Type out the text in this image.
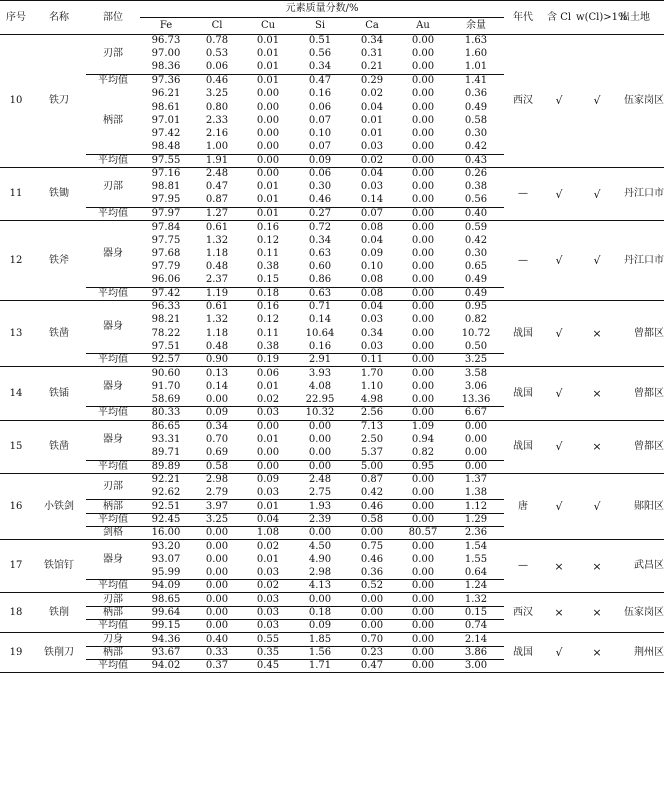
序号	名称	部位	元素质量分数/%							年代	含 Cl	w(Cl)>1%	出土地
			Fe	Cl	Cu	Si	Ca	Au	余量				
10	铁刀	刃部	96.73	0.78	0.01	0.51	0.34	0.00	1.63	西汉	√	√	伍家岗区
			97.00	0.53	0.01	0.56	0.31	0.00	1.60				
			98.36	0.06	0.01	0.34	0.21	0.00	1.01				
		平均值	97.36	0.46	0.01	0.47	0.29	0.00	1.41				
		柄部	96.21	3.25	0.00	0.16	0.02	0.00	0.36				
			98.61	0.80	0.00	0.06	0.04	0.00	0.49				
			97.01	2.33	0.00	0.07	0.01	0.00	0.58				
			97.42	2.16	0.00	0.10	0.01	0.00	0.30				
			98.48	1.00	0.00	0.07	0.03	0.00	0.42				
		平均值	97.55	1.91	0.00	0.09	0.02	0.00	0.43				
11	铁锄	刃部	97.16	2.48	0.00	0.06	0.04	0.00	0.26	—	√	√	丹江口市
			98.81	0.47	0.01	0.30	0.03	0.00	0.38				
			97.95	0.87	0.01	0.46	0.14	0.00	0.56				
		平均值	97.97	1.27	0.01	0.27	0.07	0.00	0.40				
12	铁斧	器身	97.84	0.61	0.16	0.72	0.08	0.00	0.59	—	√	√	丹江口市
			97.75	1.32	0.12	0.34	0.04	0.00	0.42				
			97.68	1.18	0.11	0.63	0.09	0.00	0.30				
			97.79	0.48	0.38	0.60	0.10	0.00	0.65				
			96.06	2.37	0.15	0.86	0.08	0.00	0.49				
		平均值	97.42	1.19	0.18	0.63	0.08	0.00	0.49				
13	铁凿	器身	96.33	0.61	0.16	0.71	0.04	0.00	0.95	战国	√	×	曾都区
			98.21	1.32	0.12	0.14	0.03	0.00	0.82				
			78.22	1.18	0.11	10.64	0.34	0.00	10.72				
			97.51	0.48	0.38	0.16	0.03	0.00	0.50				
		平均值	92.57	0.90	0.19	2.91	0.11	0.00	3.25				
14	铁锸	器身	90.60	0.13	0.06	3.93	1.70	0.00	3.58	战国	√	×	曾都区
			91.70	0.14	0.01	4.08	1.10	0.00	3.06				
			58.69	0.00	0.02	22.95	4.98	0.00	13.36				
		平均值	80.33	0.09	0.03	10.32	2.56	0.00	6.67				
15	铁凿	器身	86.65	0.34	0.00	0.00	7.13	1.09	0.00	战国	√	×	曾都区
			93.31	0.70	0.01	0.00	2.50	0.94	0.00				
			89.71	0.69	0.00	0.00	5.37	0.82	0.00				
		平均值	89.89	0.58	0.00	0.00	5.00	0.95	0.00				
16	小铁剑	刃部	92.21	2.98	0.09	2.48	0.87	0.00	1.37	唐	√	√	郧阳区
			92.62	2.79	0.03	2.75	0.42	0.00	1.38				
		柄部	92.51	3.97	0.01	1.93	0.46	0.00	1.12				
		平均值	92.45	3.25	0.04	2.39	0.58	0.00	1.29				
		剑格	16.00	0.00	1.08	0.00	0.00	80.57	2.36				
17	铁馆钉	器身	93.20	0.00	0.02	4.50	0.75	0.00	1.54	—	×	×	武昌区
			93.07	0.00	0.01	4.90	0.46	0.00	1.55				
			95.99	0.00	0.03	2.98	0.36	0.00	0.64				
		平均值	94.09	0.00	0.02	4.13	0.52	0.00	1.24				
18	铁削	刃部	98.65	0.00	0.03	0.00	0.00	0.00	1.32	西汉	×	×	伍家岗区
		柄部	99.64	0.00	0.03	0.18	0.00	0.00	0.15				
		平均值	99.15	0.00	0.03	0.09	0.00	0.00	0.74				
19	铁削刀	刀身	94.36	0.40	0.55	1.85	0.70	0.00	2.14	战国	√	×	荆州区
		柄部	93.67	0.33	0.35	1.56	0.23	0.00	3.86				
		平均值	94.02	0.37	0.45	1.71	0.47	0.00	3.00				
